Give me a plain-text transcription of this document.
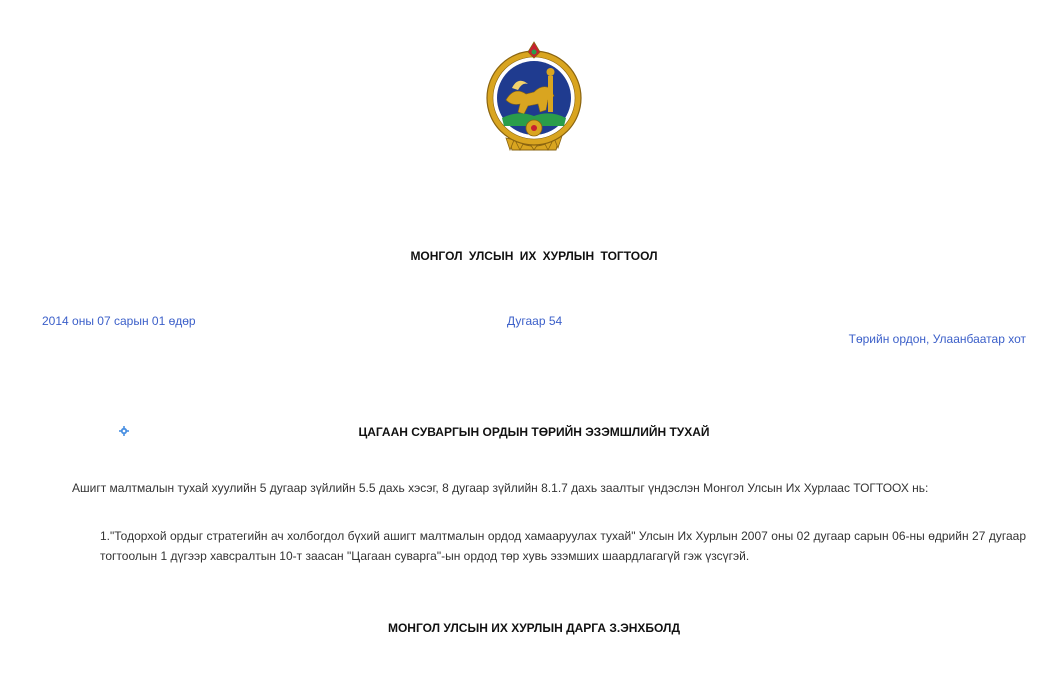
МОНГОЛ УЛСЫН ИХ ХУРЛЫН ТОГТООЛ
2014 оны 07 сарын 01 өдөр	Дугаар 54
Төрийн ордон, Улаанбаатар хот
ЦАГААН СУВАРГЫН ОРДЫН ТӨРИЙН ЭЗЭМШЛИЙН ТУХАЙ
Ашигт малтмалын тухай хуулийн 5 дугаар зүйлийн 5.5 дахь хэсэг, 8 дугаар зүйлийн 8.1.7 дахь заалтыг үндэслэн Монгол Улсын Их Хурлаас ТОГТООХ нь:
1."Тодорхой ордыг стратегийн ач холбогдол бүхий ашигт малтмалын ордод хамааруулах тухай" Улсын Их Хурлын 2007 оны 02 дугаар сарын 06-ны өдрийн 27 дугаар тогтоолын 1 дүгээр хавсралтын 10-т заасан "Цагаан суварга"-ын ордод төр хувь эзэмших шаардлагагүй гэж үзсүгэй.
МОНГОЛ УЛСЫН ИХ ХУРЛЫН ДАРГА З.ЭНХБОЛД
